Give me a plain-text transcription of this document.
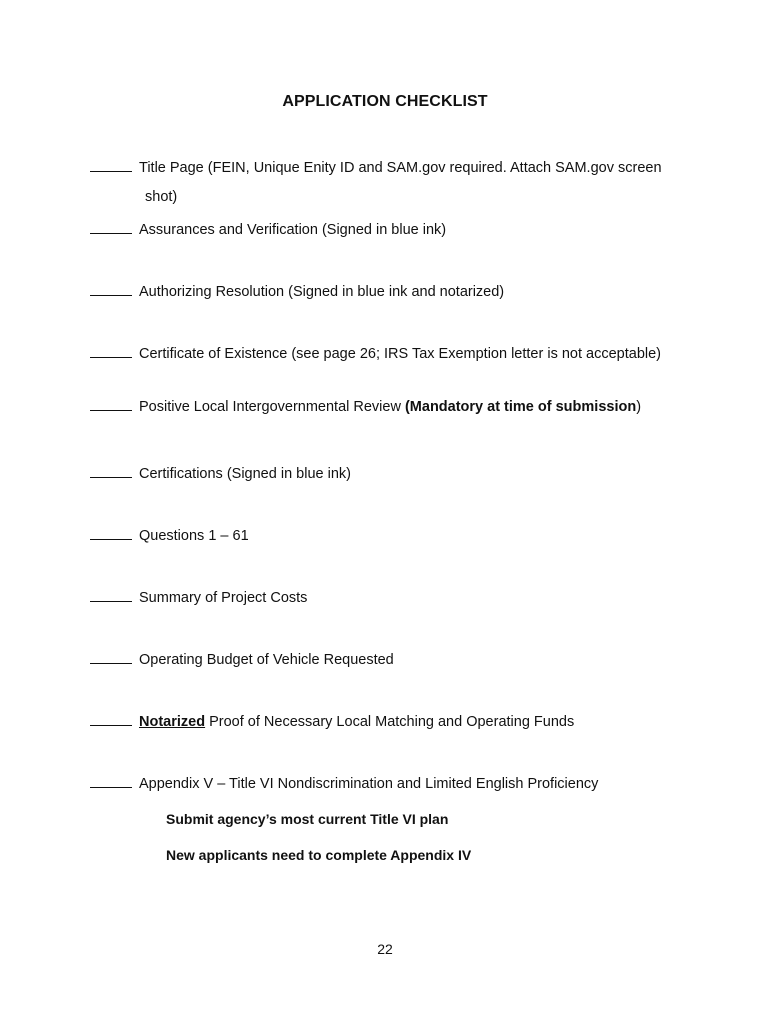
APPLICATION CHECKLIST
Title Page (FEIN, Unique Enity ID and SAM.gov required. Attach SAM.gov screen
shot)
Assurances and Verification (Signed in blue ink)
Authorizing Resolution (Signed in blue ink and notarized)
Certificate of Existence (see page 26; IRS Tax Exemption letter is not acceptable)
Positive Local Intergovernmental Review (Mandatory at time of submission)
Certifications (Signed in blue ink)
Questions 1 – 61
Summary of Project Costs
Operating Budget of Vehicle Requested
Notarized Proof of Necessary Local Matching and Operating Funds
Appendix V – Title VI Nondiscrimination and Limited English Proficiency
Submit agency’s most current Title VI plan
New applicants need to complete Appendix IV
22
